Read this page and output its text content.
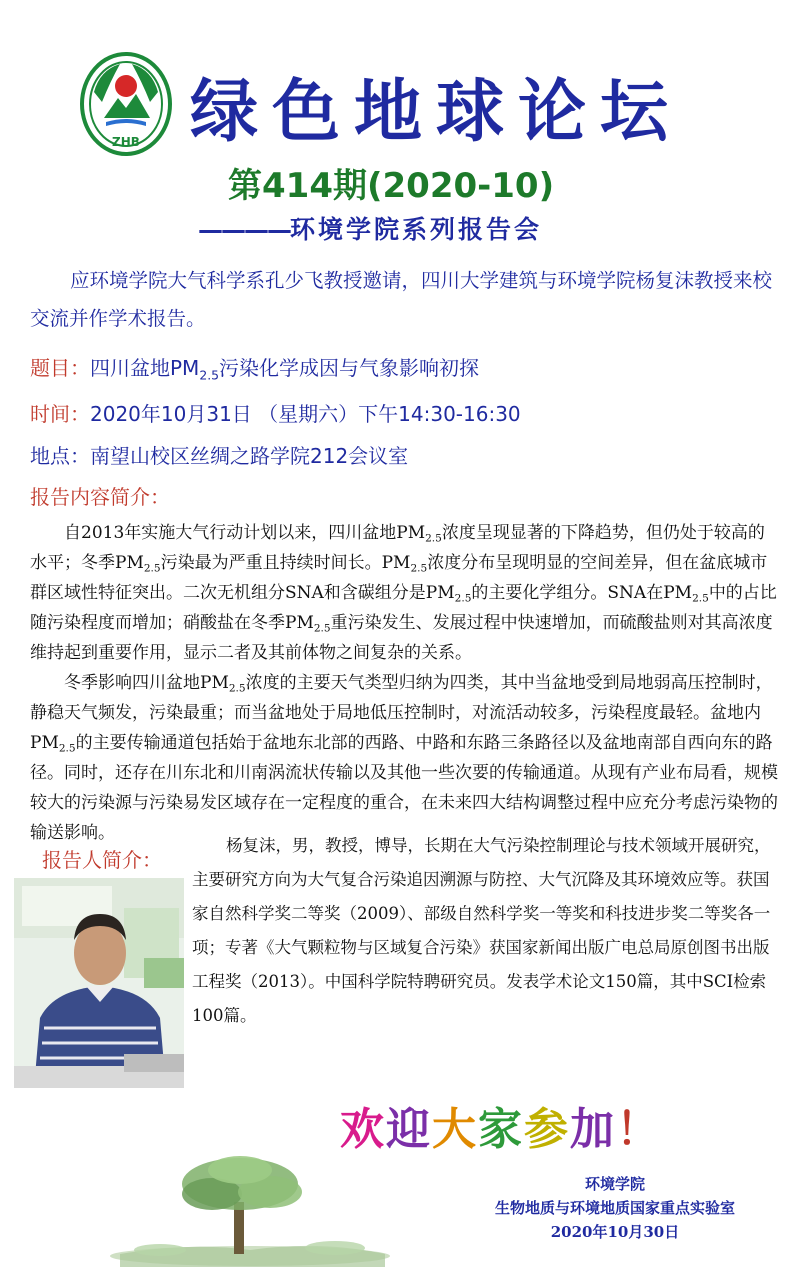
ZHB 绿色地球论坛
第414期(2020-10)
————环境学院系列报告会
应环境学院大气科学系孔少飞教授邀请，四川大学建筑与环境学院杨复沫教授来校交流并作学术报告。
题目：四川盆地$PM_{2.5}$污染化学成因与气象影响初探
时间：2020年10月31日 （星期六）下午14:30-16:30
地点：南望山校区丝绸之路学院212会议室
报告内容简介：

自2013年实施大气行动计划以来，四川盆地$PM_{2.5}$浓度呈现显著的下降趋势，但仍处于较高的水平；冬季$PM_{2.5}$污染最为严重且持续时间长。$PM_{2.5}$浓度分布呈现明显的空间差异，但在盆底城市群区域性特征突出。二次无机组分SNA和含碳组分是$PM_{2.5}$的主要化学组分。SNA在$PM_{2.5}$中的占比随污染程度而增加；硝酸盐在冬季$PM_{2.5}$重污染发生、发展过程中快速增加，而硫酸盐则对其高浓度维持起到重要作用，显示二者及其前体物之间复杂的关系。

冬季影响四川盆地$PM_{2.5}$浓度的主要天气类型归纳为四类，其中当盆地受到局地弱高压控制时，静稳天气频发，污染最重；而当盆地处于局地低压控制时，对流活动较多，污染程度最轻。盆地内$PM_{2.5}$的主要传输通道包括始于盆地东北部的西路、中路和东路三条路径以及盆地南部自西向东的路径。同时，还存在川东北和川南涡流状传输以及其他一些次要的传输通道。从现有产业布局看，规模较大的污染源与污染易发区域存在一定程度的重合，在未来四大结构调整过程中应充分考虑污染物的输送影响。

报告人简介：
杨复沫，男，教授，博导，长期在大气污染控制理论与技术领域开展研究，主要研究方向为大气复合污染追因溯源与防控、大气沉降及其环境效应等。获国家自然科学奖二等奖（2009）、部级自然科学奖一等奖和科技进步奖二等奖各一项；专著《大气颗粒物与区域复合污染》获国家新闻出版广电总局原创图书出版工程奖（2013）。中国科学院特聘研究员。发表学术论文150篇，其中SCI检索100篇。
欢迎大家参加！
环境学院
生物地质与环境地质国家重点实验室
2020年10月30日
